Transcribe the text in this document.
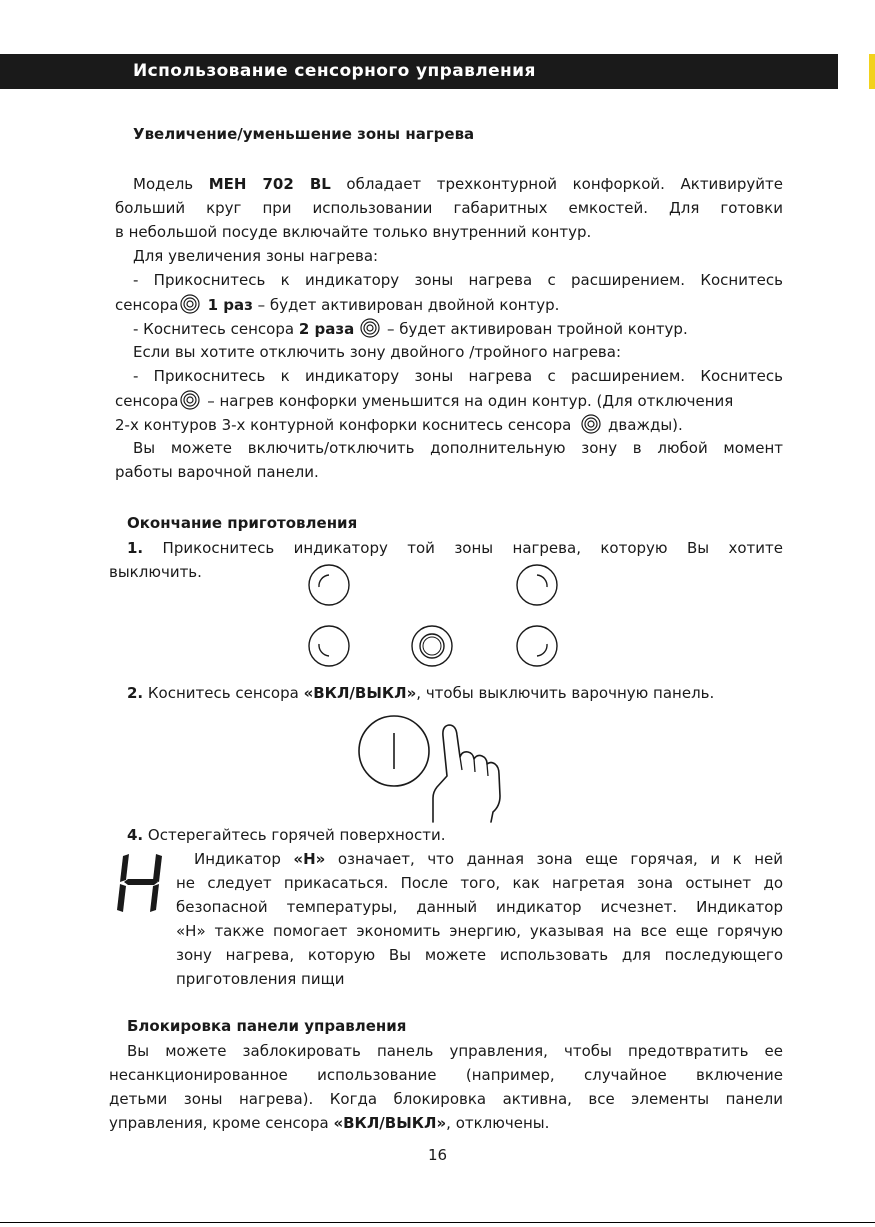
Использование сенсорного управления
Увеличение/уменьшение зоны нагрева
Модель MEH 702 BL обладает трехконтурной конфоркой. Активируйте
больший круг при использовании габаритных емкостей. Для готовки
в небольшой посуде включайте только внутренний контур.
Для увеличения зоны нагрева:
- Прикоснитесь к индикатору зоны нагрева с расширением. Коснитесь
сенсора 1 раз – будет активирован двойной контур.
- Коснитесь сенсора 2 раза – будет активирован тройной контур.
Если вы хотите отключить зону двойного /тройного нагрева:
- Прикоснитесь к индикатору зоны нагрева с расширением. Коснитесь
сенсора – нагрев конфорки уменьшится на один контур. (Для отключения
2-х контуров 3-х контурной конфорки коснитесь сенсора дважды).
Вы можете включить/отключить дополнительную зону в любой момент
работы варочной панели.
Окончание приготовления
1. Прикоснитесь индикатору той зоны нагрева, которую Вы хотите
выключить.
2. Коснитесь сенсора «ВКЛ/ВЫКЛ», чтобы выключить варочную панель.
4. Остерегайтесь горячей поверхности.
Индикатор «H» означает, что данная зона еще горячая, и к ней
не следует прикасаться. После того, как нагретая зона остынет до
безопасной температуры, данный индикатор исчезнет. Индикатор
«H» также помогает экономить энергию, указывая на все еще горячую
зону нагрева, которую Вы можете использовать для последующего
приготовления пищи
Блокировка панели управления
Вы можете заблокировать панель управления, чтобы предотвратить ее
несанкционированное использование (например, случайное включение
детьми зоны нагрева). Когда блокировка активна, все элементы панели
управления, кроме сенсора «ВКЛ/ВЫКЛ», отключены.
16
